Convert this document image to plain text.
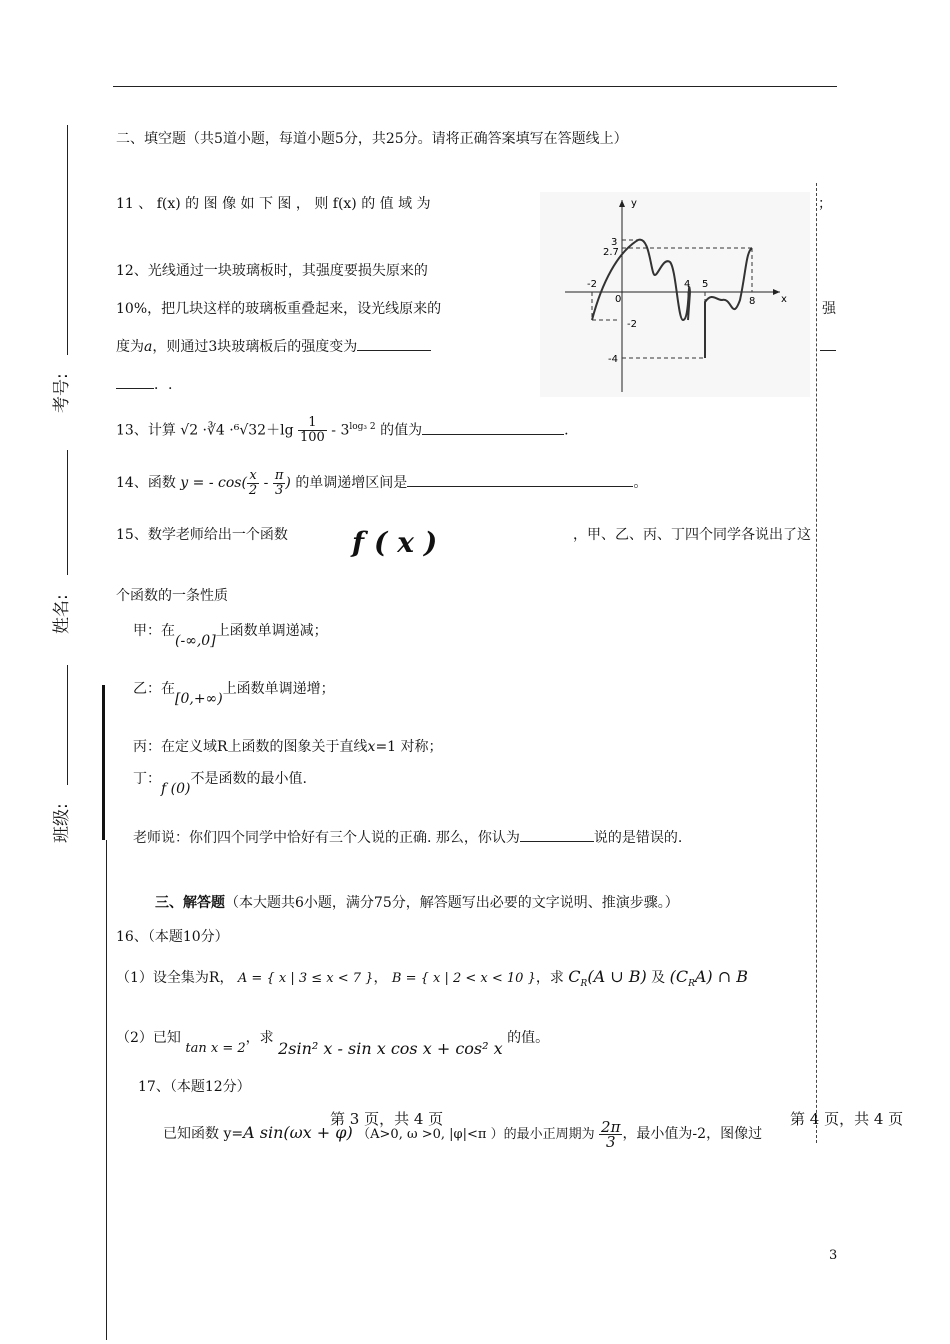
考号:
姓名:
班级:
二、填空题（共5道小题，每道小题5分，共25分。请将正确答案填写在答题线上）
11 、 f(x) 的 图 像 如 下 图 ， 则 f(x) 的 值 域 为	；
y
x
3
2.7
-2
-4
-2
0
4 5
8
12、光线通过一块玻璃板时，其强度要损失原来的
10%，把几块这样的玻璃板重叠起来，设光线原来的	强
度为a，则通过3块玻璃板后的强度变为
．.
13、计算 √2 ·∛4 $\cdot^6√32+\lg \frac{1}{100} - 3^{log_3 2}$ 的值为	.
14、函数 y = - $\cos( \frac{x}{2} - \frac{\pi}{3}$ ) 的单调递增区间是	。
15、数学老师给出一个函数 f(x)	，甲、乙、丙、丁四个同学各说出了这
个函数的一条性质
甲：在(-∞,0]上函数单调递减；
乙：在[0,+∞)上函数单调递增；
丙：在定义域R上函数的图象关于直线x=1 对称；
丁：f (0)不是函数的最小值.
老师说：你们四个同学中恰好有三个人说的正确. 那么，你认为	说的是错误的.
三、解答题（本大题共6小题，满分75分，解答题写出必要的文字说明、推演步骤。）
16、（本题10分）
（1）设全集为R， A = { x | 3 ≤ x < 7 }， B = { x | 2 < x < 10 }，求 $C_R(A$ ∪ B) 及 $(C_RA)$ ∩ B
（2）已知 tan x = 2，求 2sin² x - sin x cos x + cos² x 的值。
17、（本题12分）
第 3 页，共 4 页	第 4 页，共 4 页
已知函数 y=A sin(ωx + φ) （A>0, ω >0, |φ|<π ）的最小正周期为 $\frac{2\pi}{3}$ ，最小值为-2，图像过
3
